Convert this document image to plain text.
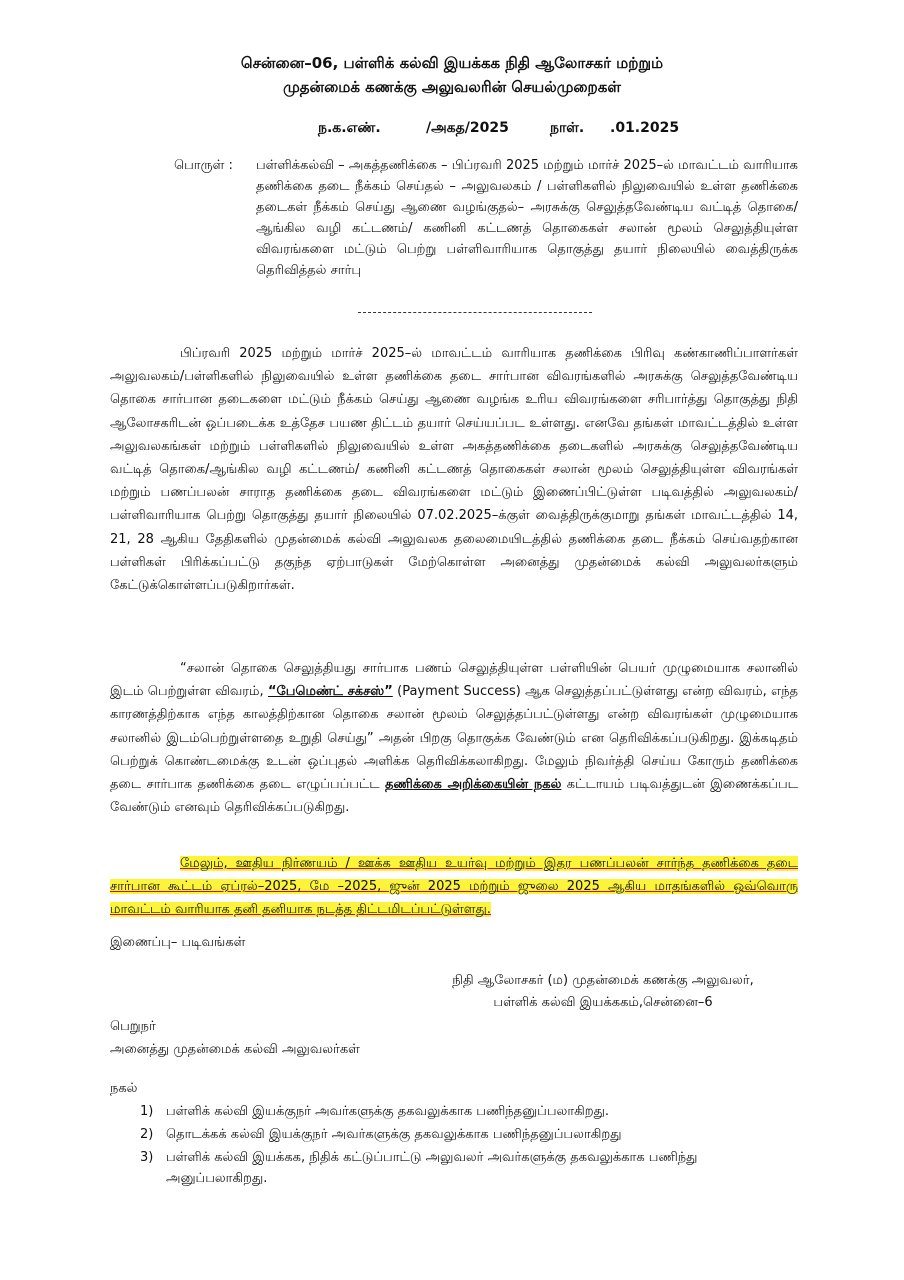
சென்னை–06, பள்ளிக் கல்வி இயக்கக நிதி ஆலோசகர் மற்றும்
முதன்மைக் கணக்கு அலுவலரின் செயல்முறைகள்
ந.க.எண்.	/அகத/2025	நாள். .01.2025
பொருள் : பள்ளிக்கல்வி – அகத்தணிக்கை – பிப்ரவரி 2025 மற்றும் மார்ச் 2025–ல் மாவட்டம் வாரியாக தணிக்கை தடை நீக்கம் செய்தல் – அலுவலகம் / பள்ளிகளில் நிலுவையில் உள்ள தணிக்கை தடைகள் நீக்கம் செய்து ஆணை வழங்குதல்– அரசுக்கு செலுத்தவேண்டிய வட்டித் தொகை/ஆங்கில வழி கட்டணம்/ கணினி கட்டணத் தொகைகள் சலான் மூலம் செலுத்தியுள்ள விவரங்களை மட்டும் பெற்று பள்ளிவாரியாக தொகுத்து தயார் நிலையில் வைத்திருக்க தெரிவித்தல் சார்பு
பிப்ரவரி 2025 மற்றும் மார்ச் 2025–ல் மாவட்டம் வாரியாக தணிக்கை பிரிவு கண்காணிப்பாளர்கள் அலுவலகம்/பள்ளிகளில் நிலுவையில் உள்ள தணிக்கை தடை சார்பான விவரங்களில் அரசுக்கு செலுத்தவேண்டிய தொகை சார்பான தடைகளை மட்டும் நீக்கம் செய்து ஆணை வழங்க உரிய விவரங்களை சரிபார்த்து தொகுத்து நிதி ஆலோசகரிடன் ஒப்படைக்க உத்தேச பயண திட்டம் தயார் செய்யப்பட உள்ளது. எனவே தங்கள் மாவட்டத்தில் உள்ள அலுவலகங்கள் மற்றும் பள்ளிகளில் நிலுவையில் உள்ள அகத்தணிக்கை தடைகளில் அரசுக்கு செலுத்தவேண்டிய வட்டித் தொகை/ஆங்கில வழி கட்டணம்/ கணினி கட்டணத் தொகைகள் சலான் மூலம் செலுத்தியுள்ள விவரங்கள் மற்றும் பணப்பலன் சாராத தணிக்கை தடை விவரங்களை மட்டும் இணைப்பிட்டுள்ள படிவத்தில் அலுவலகம்/ பள்ளிவாரியாக பெற்று தொகுத்து தயார் நிலையில் 07.02.2025–க்குள் வைத்திருக்குமாறு தங்கள் மாவட்டத்தில் 14, 21, 28 ஆகிய தேதிகளில் முதன்மைக் கல்வி அலுவலக தலைமையிடத்தில் தணிக்கை தடை நீக்கம் செய்வதற்கான பள்ளிகள் பிரிக்கப்பட்டு தகுந்த ஏற்பாடுகள் மேற்கொள்ள அனைத்து முதன்மைக் கல்வி அலுவலர்களும் கேட்டுக்கொள்ளப்படுகிறார்கள்.
“சலான் தொகை செலுத்தியது சார்பாக பணம் செலுத்தியுள்ள பள்ளியின் பெயர் முழுமையாக சலானில் இடம் பெற்றுள்ள விவரம், “பேமெண்ட் சக்சஸ்” (Payment Success) ஆக செலுத்தப்பட்டுள்ளது என்ற விவரம், எந்த காரணத்திற்காக எந்த காலத்திற்கான தொகை சலான் மூலம் செலுத்தப்பட்டுள்ளது என்ற விவரங்கள் முழுமையாக சலானில் இடம்பெற்றுள்ளதை உறுதி செய்து” அதன் பிறகு தொகுக்க வேண்டும் என தெரிவிக்கப்படுகிறது. இக்கடிதம் பெற்றுக் கொண்டமைக்கு உடன் ஒப்புதல் அளிக்க தெரிவிக்கலாகிறது. மேலும் நிவர்த்தி செய்ய கோரும் தணிக்கை தடை சார்பாக தணிக்கை தடை எழுப்பப்பட்ட தணிக்கை அறிக்கையின் நகல் கட்டாயம் படிவத்துடன் இணைக்கப்பட வேண்டும் எனவும் தெரிவிக்கப்படுகிறது.
மேலும், ஊதிய நிர்ணயம் / ஊக்க ஊதிய உயர்வு மற்றும் இதர பணப்பலன் சார்ந்த தணிக்கை தடை சார்பான கூட்டம் ஏப்ரல்–2025, மே –2025, ஜுன் 2025 மற்றும் ஜுலை 2025 ஆகிய மாதங்களில் ஒவ்வொரு மாவட்டம் வாரியாக தனி தனியாக நடத்த திட்டமிடப்பட்டுள்ளது.
இணைப்பு– படிவங்கள்
நிதி ஆலோசகர் (ம) முதன்மைக் கணக்கு அலுவலர்,
பள்ளிக் கல்வி இயக்ககம்,சென்னை–6
பெறுநர்
அனைத்து முதன்மைக் கல்வி அலுவலர்கள்
நகல்
1) பள்ளிக் கல்வி இயக்குநர் அவர்களுக்கு தகவலுக்காக பணிந்தனுப்பலாகிறது.
2) தொடக்கக் கல்வி இயக்குநர் அவர்களுக்கு தகவலுக்காக பணிந்தனுப்பலாகிறது
3) பள்ளிக் கல்வி இயக்கக, நிதிக் கட்டுப்பாட்டு அலுவலர் அவர்களுக்கு தகவலுக்காக பணிந்து அனுப்பலாகிறது.
